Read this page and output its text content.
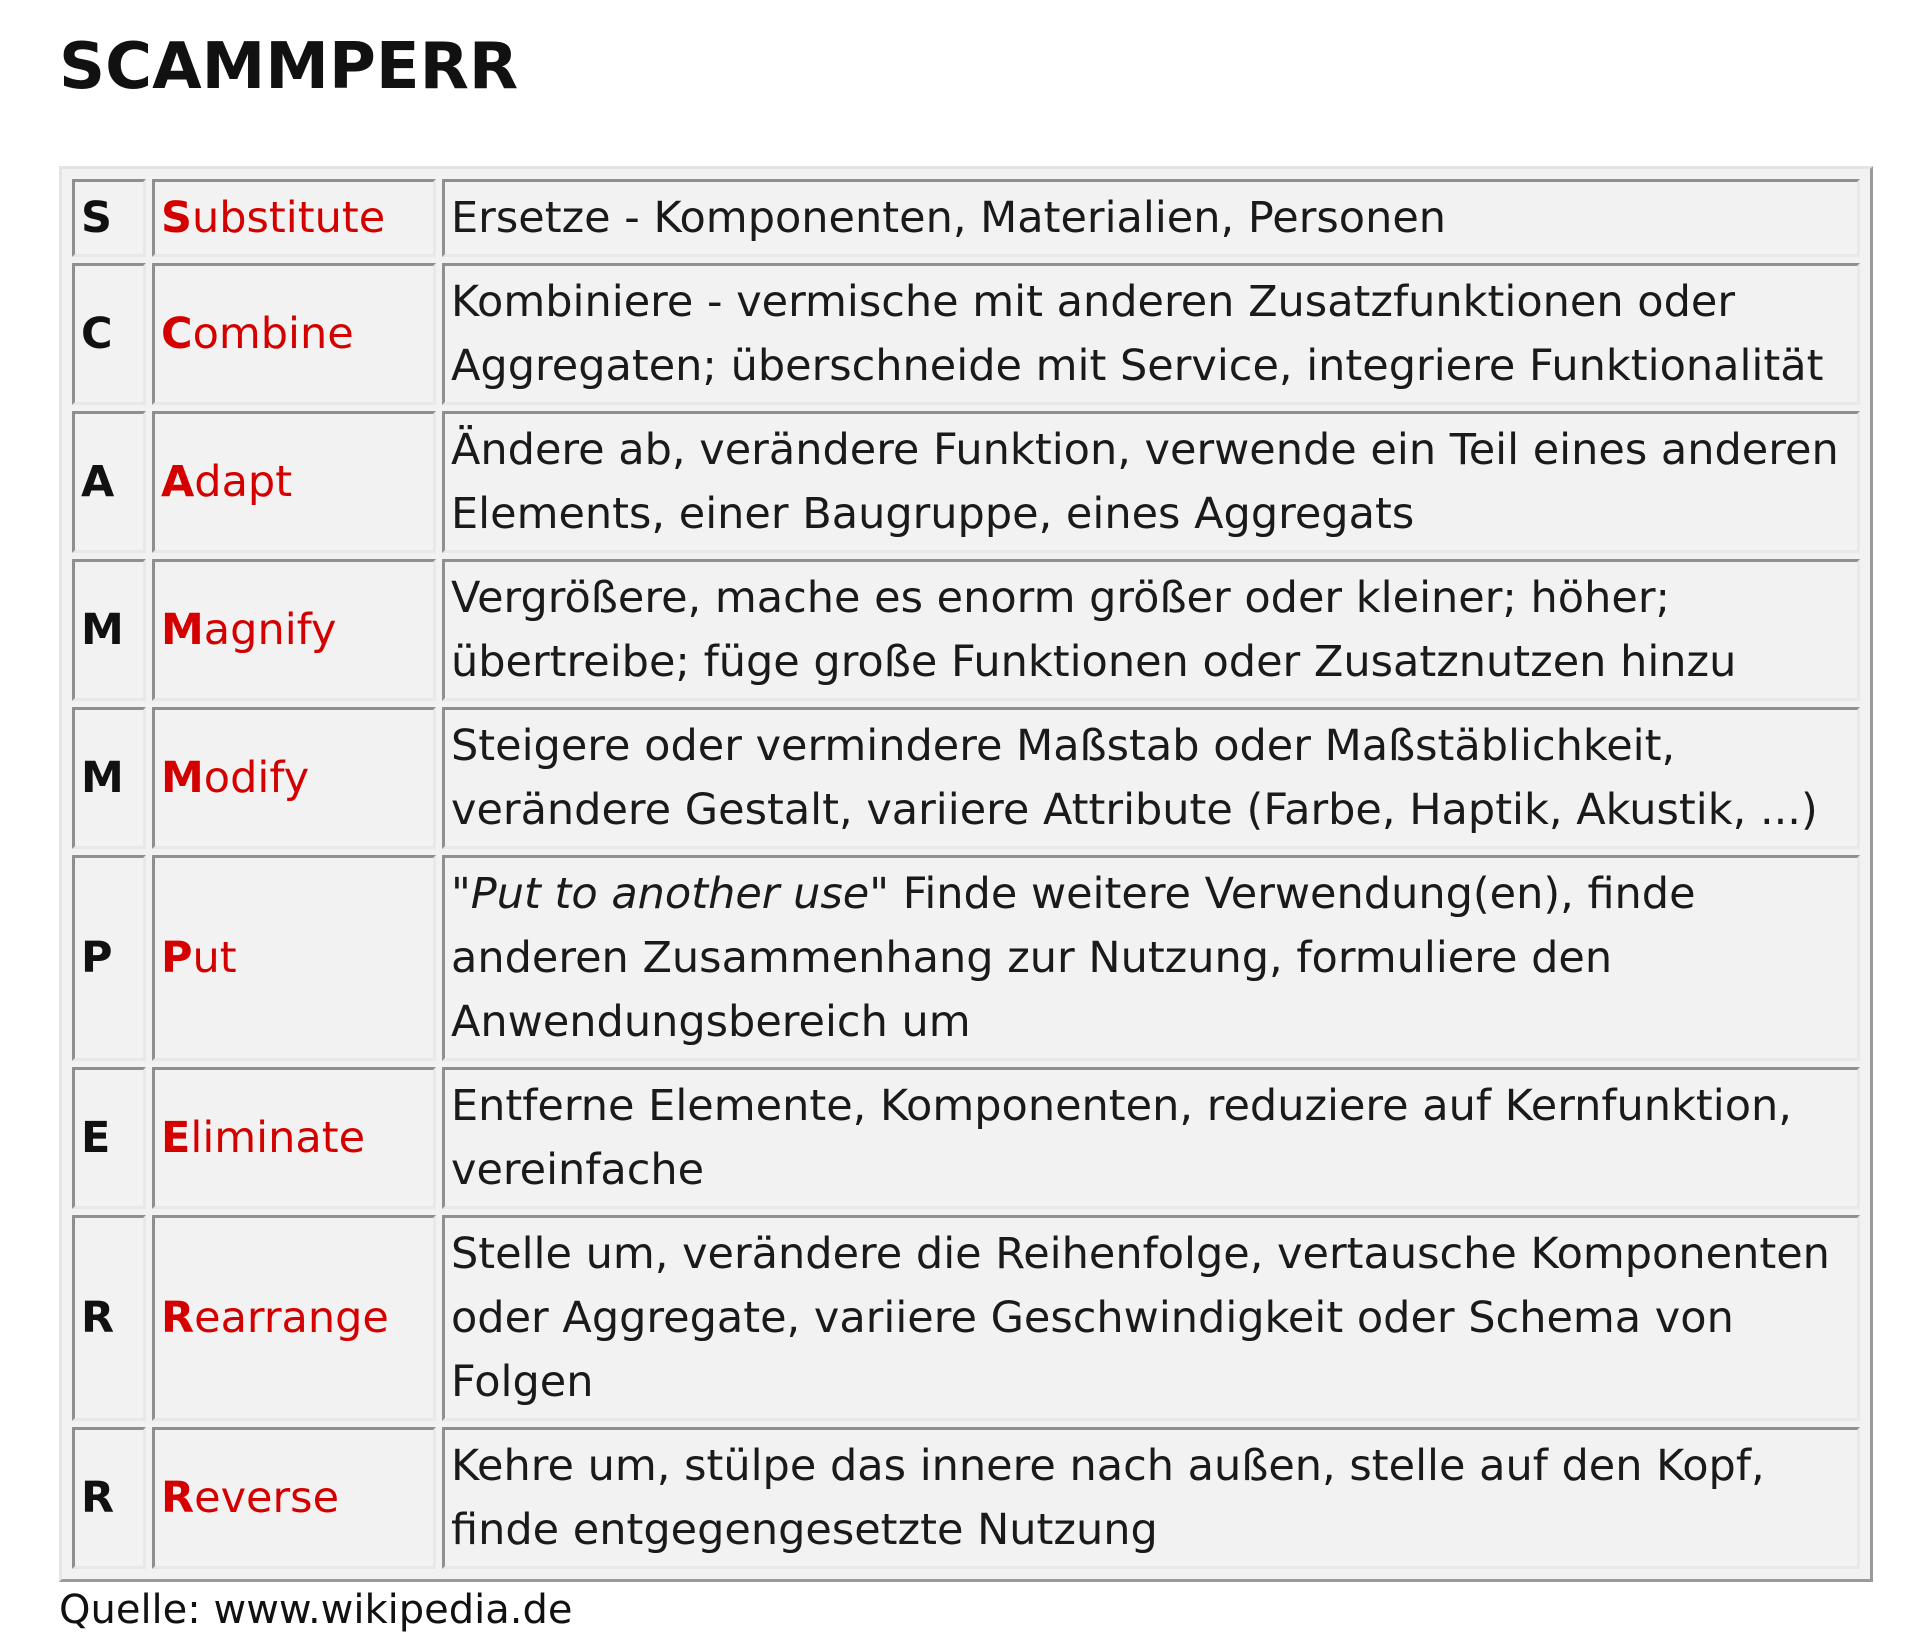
SCAMMPERR
S	Substitute	Ersetze - Komponenten, Materialien, Personen
C	Combine	Kombiniere - vermische mit anderen Zusatzfunktionen oder Aggregaten; überschneide mit Service, integriere Funktionalität
A	Adapt	Ändere ab, verändere Funktion, verwende ein Teil eines anderen Elements, einer Baugruppe, eines Aggregats
M	Magnify	Vergrößere, mache es enorm größer oder kleiner; höher; übertreibe; füge große Funktionen oder Zusatznutzen hinzu
M	Modify	Steigere oder vermindere Maßstab oder Maßstäblichkeit, verändere Gestalt, variiere Attribute (Farbe, Haptik, Akustik, ...)
P	Put	"Put to another use" Finde weitere Verwendung(en), finde anderen Zusammenhang zur Nutzung, formuliere den Anwendungsbereich um
E	Eliminate	Entferne Elemente, Komponenten, reduziere auf Kernfunktion, vereinfache
R	Rearrange	Stelle um, verändere die Reihenfolge, vertausche Komponenten oder Aggregate, variiere Geschwindigkeit oder Schema von Folgen
R	Reverse	Kehre um, stülpe das innere nach außen, stelle auf den Kopf, finde entgegengesetzte Nutzung
Quelle: www.wikipedia.de
